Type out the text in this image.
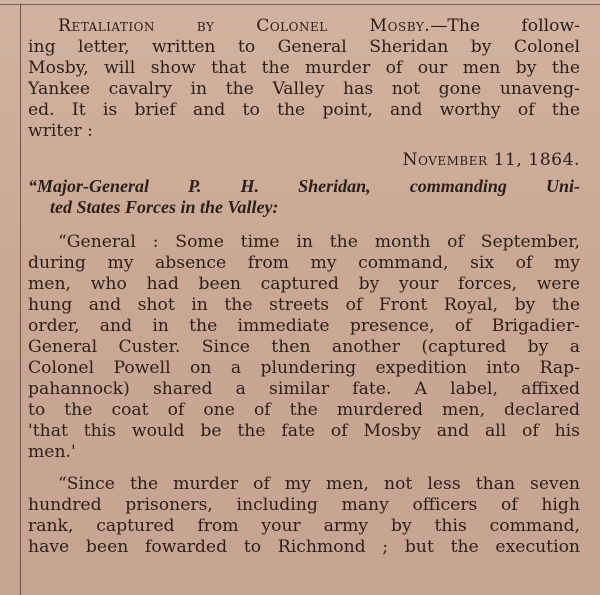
Retaliation by Colonel Mosby.—The follow-
ing letter, written to General Sheridan by Colonel
Mosby, will show that the murder of our men by the
Yankee cavalry in the Valley has not gone unaveng-
ed. It is brief and to the point, and worthy of the
writer :
November 11, 1864.
“Major-General P. H. Sheridan, commanding Uni-
ted States Forces in the Valley:
“General : Some time in the month of September,
during my absence from my command, six of my
men, who had been captured by your forces, were
hung and shot in the streets of Front Royal, by the
order, and in the immediate presence, of Brigadier-
General Custer. Since then another (captured by a
Colonel Powell on a plundering expedition into Rap-
pahannock) shared a similar fate. A label, affixed
to the coat of one of the murdered men, declared
'that this would be the fate of Mosby and all of his
men.'
“Since the murder of my men, not less than seven
hundred prisoners, including many officers of high
rank, captured from your army by this command,
have been fowarded to Richmond ; but the execution
